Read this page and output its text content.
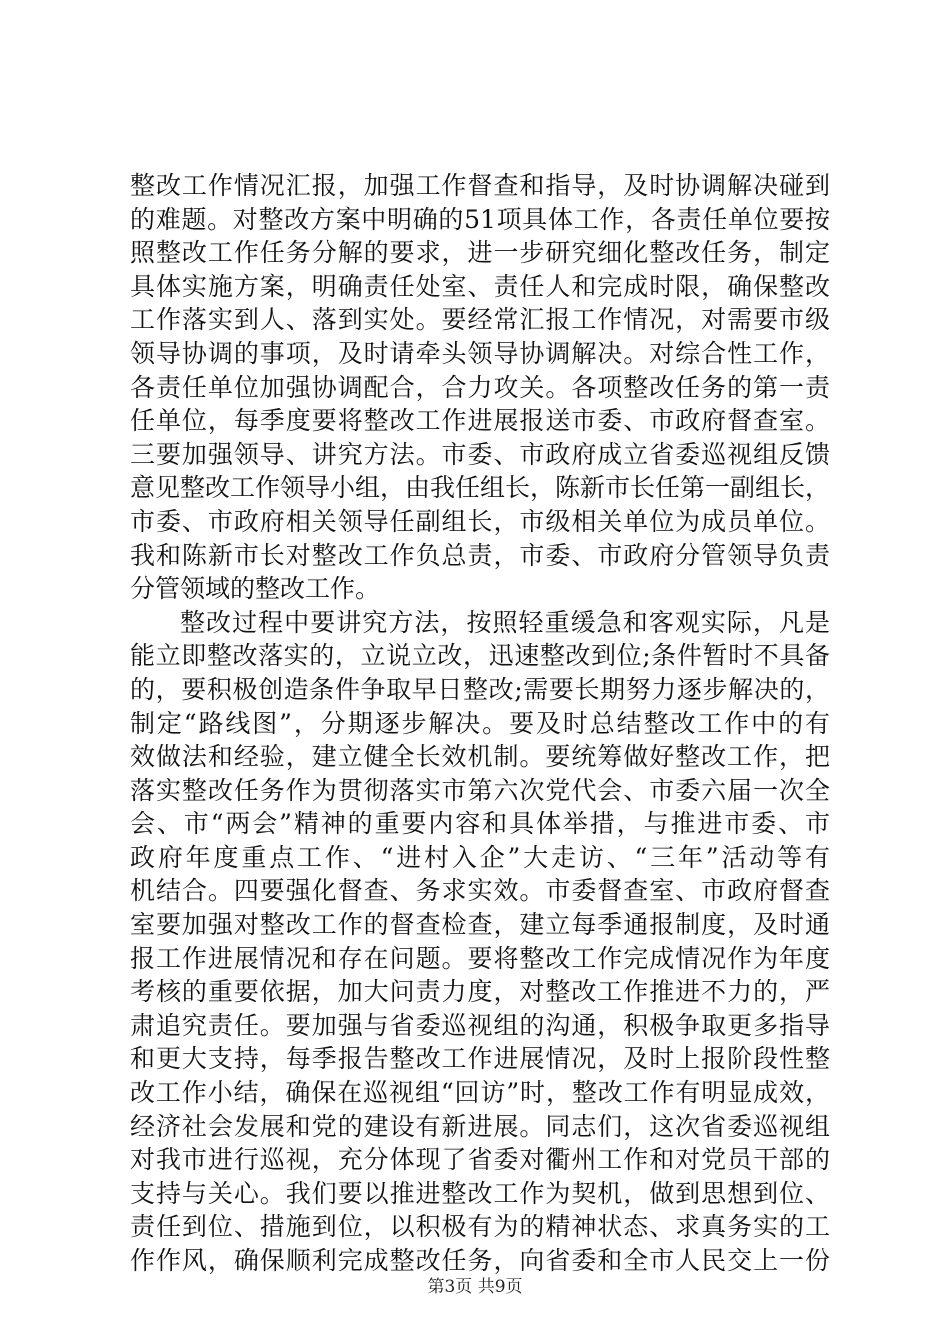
整改工作情况汇报，加强工作督查和指导，及时协调解决碰到
的难题。对整改方案中明确的51项具体工作，各责任单位要按
照整改工作任务分解的要求，进一步研究细化整改任务，制定
具体实施方案，明确责任处室、责任人和完成时限，确保整改
工作落实到人、落到实处。要经常汇报工作情况，对需要市级
领导协调的事项，及时请牵头领导协调解决。对综合性工作，
各责任单位加强协调配合，合力攻关。各项整改任务的第一责
任单位，每季度要将整改工作进展报送市委、市政府督查室。
三要加强领导、讲究方法。市委、市政府成立省委巡视组反馈
意见整改工作领导小组，由我任组长，陈新市长任第一副组长，
市委、市政府相关领导任副组长，市级相关单位为成员单位。
我和陈新市长对整改工作负总责，市委、市政府分管领导负责
分管领域的整改工作。
整改过程中要讲究方法，按照轻重缓急和客观实际，凡是
能立即整改落实的，立说立改，迅速整改到位;条件暂时不具备
的，要积极创造条件争取早日整改;需要长期努力逐步解决的，
制定“路线图”，分期逐步解决。要及时总结整改工作中的有
效做法和经验，建立健全长效机制。要统筹做好整改工作，把
落实整改任务作为贯彻落实市第六次党代会、市委六届一次全
会、市“两会”精神的重要内容和具体举措，与推进市委、市
政府年度重点工作、“进村入企”大走访、“三年”活动等有
机结合。四要强化督查、务求实效。市委督查室、市政府督查
室要加强对整改工作的督查检查，建立每季通报制度，及时通
报工作进展情况和存在问题。要将整改工作完成情况作为年度
考核的重要依据，加大问责力度，对整改工作推进不力的，严
肃追究责任。要加强与省委巡视组的沟通，积极争取更多指导
和更大支持，每季报告整改工作进展情况，及时上报阶段性整
改工作小结，确保在巡视组“回访”时，整改工作有明显成效，
经济社会发展和党的建设有新进展。同志们，这次省委巡视组
对我市进行巡视，充分体现了省委对衢州工作和对党员干部的
支持与关心。我们要以推进整改工作为契机，做到思想到位、
责任到位、措施到位，以积极有为的精神状态、求真务实的工
作作风，确保顺利完成整改任务，向省委和全市人民交上一份
第3页 共9页
